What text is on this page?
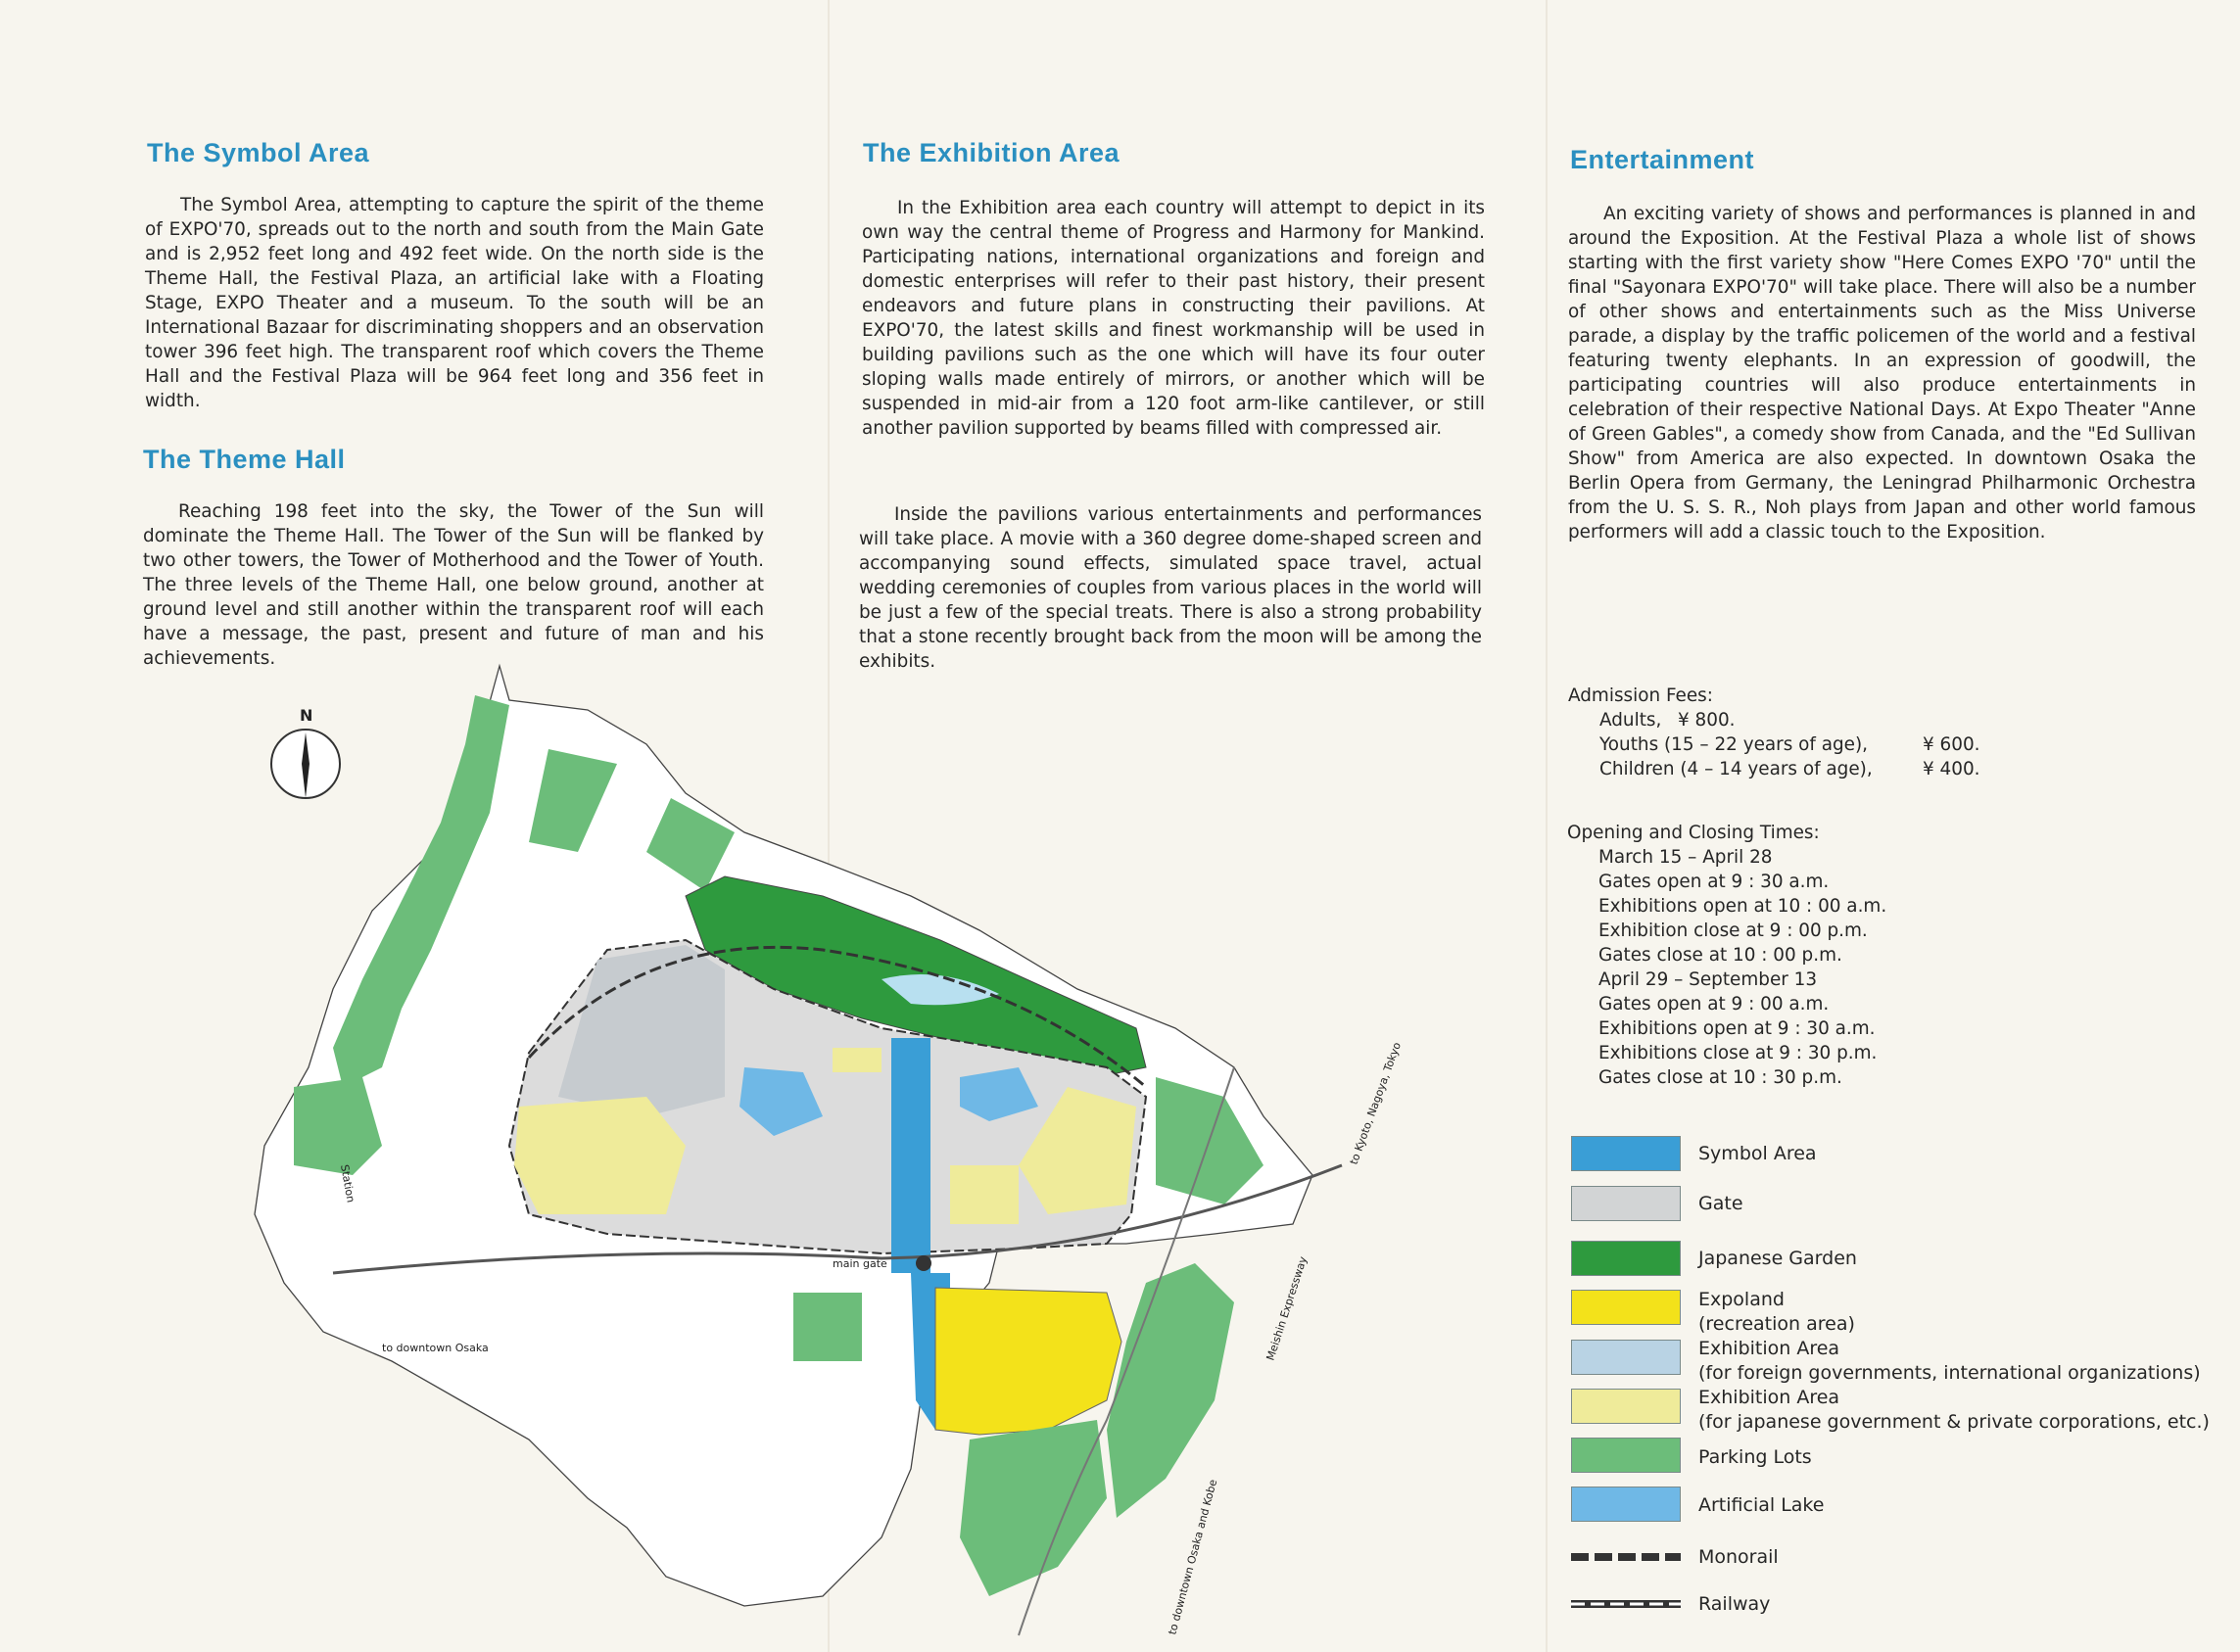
The Symbol Area

The Symbol Area, attempting to capture the spirit of the theme of EXPO'70, spreads out to the north and south from the Main Gate and is 2,952 feet long and 492 feet wide. On the north side is the Theme Hall, the Festival Plaza, an artificial lake with a Floating Stage, EXPO Theater and a museum. To the south will be an International Bazaar for discriminating shoppers and an observation tower 396 feet high. The transparent roof which covers the Theme Hall and the Festival Plaza will be 964 feet long and 356 feet in width.

The Theme Hall

Reaching 198 feet into the sky, the Tower of the Sun will dominate the Theme Hall. The Tower of the Sun will be flanked by two other towers, the Tower of Motherhood and the Tower of Youth. The three levels of the Theme Hall, one below ground, another at ground level and still another within the transparent roof will each have a message, the past, present and future of man and his achievements.

The Exhibition Area

In the Exhibition area each country will attempt to depict in its own way the central theme of Progress and Harmony for Mankind. Participating nations, international organizations and foreign and domestic enterprises will refer to their past history, their present endeavors and future plans in constructing their pavilions. At EXPO'70, the latest skills and finest workmanship will be used in building pavilions such as the one which will have its four outer sloping walls made entirely of mirrors, or another which will be suspended in mid-air from a 120 foot arm-like cantilever, or still another pavilion supported by beams filled with compressed air.

Inside the pavilions various entertainments and performances will take place. A movie with a 360 degree dome-shaped screen and accompanying sound effects, simulated space travel, actual wedding ceremonies of couples from various places in the world will be just a few of the special treats. There is also a strong probability that a stone recently brought back from the moon will be among the exhibits.

Entertainment

An exciting variety of shows and performances is planned in and around the Exposition. At the Festival Plaza a whole list of shows starting with the first variety show "Here Comes EXPO '70" until the final "Sayonara EXPO'70" will take place. There will also be a number of other shows and entertainments such as the Miss Universe parade, a display by the traffic policemen of the world and a festival featuring twenty elephants. In an expression of goodwill, the participating countries will also produce entertainments in celebration of their respective National Days. At Expo Theater "Anne of Green Gables", a comedy show from Canada, and the "Ed Sullivan Show" from America are also expected. In downtown Osaka the Berlin Opera from Germany, the Leningrad Philharmonic Orchestra from the U. S. S. R., Noh plays from Japan and other world famous performers will add a classic touch to the Exposition.

Admission Fees:
Adults, ¥ 800.
Youths (15 – 22 years of age),	¥ 600.
Children (4 – 14 years of age),	¥ 400.
Opening and Closing Times:
March 15 – April 28
Gates open at 9 : 30 a.m.
Exhibitions open at 10 : 00 a.m.
Exhibition close at 9 : 00 p.m.
Gates close at 10 : 00 p.m.
April 29 – September 13
Gates open at 9 : 00 a.m.
Exhibitions open at 9 : 30 a.m.
Exhibitions close at 9 : 30 p.m.
Gates close at 10 : 30 p.m.
Symbol Area
Gate
Japanese Garden
Expoland
(recreation area)
Exhibition Area
(for foreign governments, international organizations)
Exhibition Area
(for japanese government & private corporations, etc.)
Parking Lots
Artificial Lake
Monorail
Railway
N
main gate
Station
to downtown Osaka
to Kyoto, Nagoya, Tokyo
Meishin Expressway
to downtown Osaka and Kobe
